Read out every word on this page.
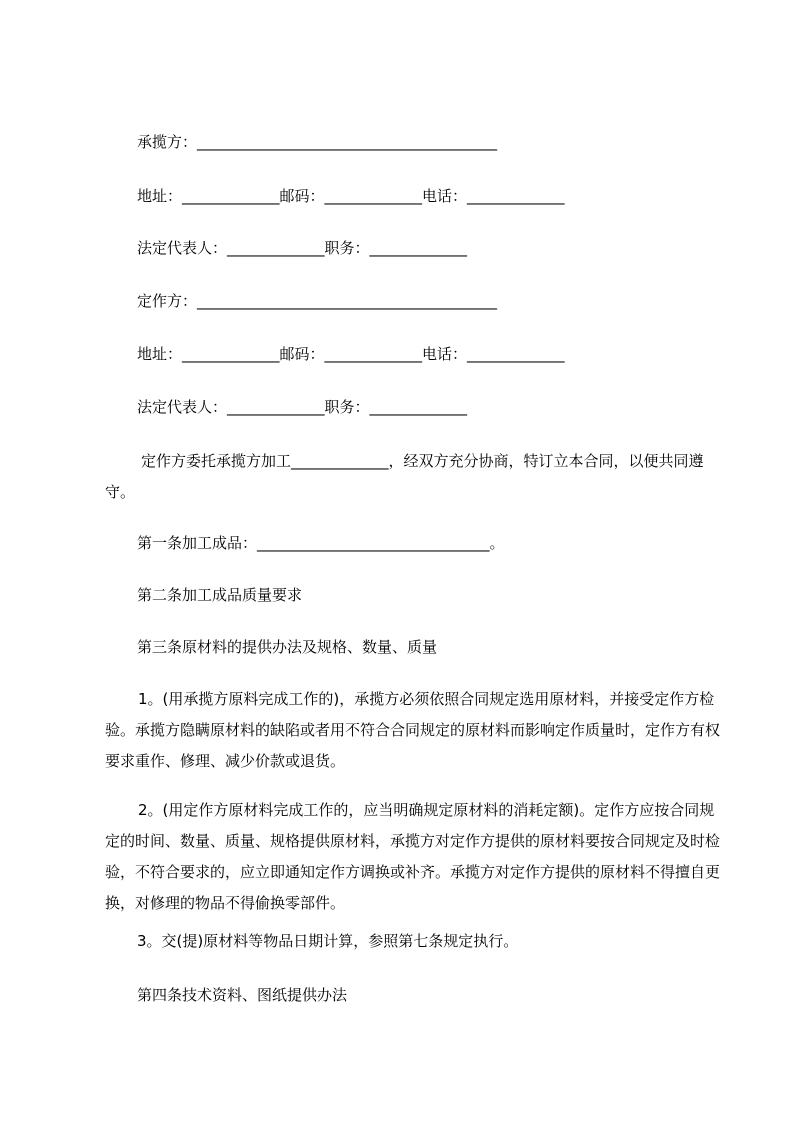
承揽方：________________________________________
地址：_____________邮码：_____________电话：_____________
法定代表人：_____________职务：_____________
定作方：________________________________________
地址：_____________邮码：_____________电话：_____________
法定代表人：_____________职务：_____________
定作方委托承揽方加工_____________，经双方充分协商，特订立本合同，以便共同遵守。
第一条加工成品：_______________________________。
第二条加工成品质量要求
第三条原材料的提供办法及规格、数量、质量
1。(用承揽方原料完成工作的)，承揽方必须依照合同规定选用原材料，并接受定作方检验。承揽方隐瞒原材料的缺陷或者用不符合合同规定的原材料而影响定作质量时，定作方有权要求重作、修理、减少价款或退货。
2。(用定作方原材料完成工作的，应当明确规定原材料的消耗定额)。定作方应按合同规定的时间、数量、质量、规格提供原材料，承揽方对定作方提供的原材料要按合同规定及时检验，不符合要求的，应立即通知定作方调换或补齐。承揽方对定作方提供的原材料不得擅自更换，对修理的物品不得偷换零部件。
3。交(提)原材料等物品日期计算，参照第七条规定执行。
第四条技术资料、图纸提供办法
